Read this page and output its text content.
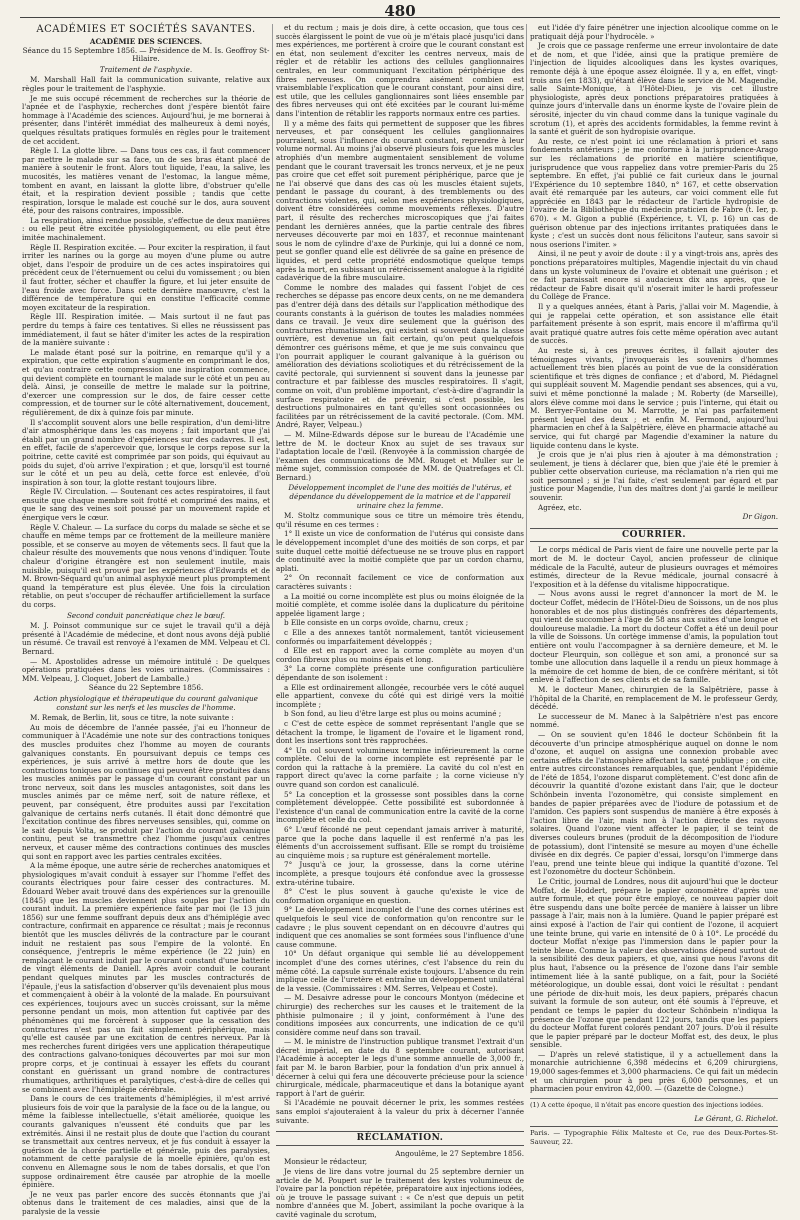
480
ACADÉMIES ET SOCIÉTÉS SAVANTES.
ACADÉMIE DES SCIENCES.
Séance du 15 Septembre 1856. — Présidence de M. Is. Geoffroy St-Hilaire.
Traitement de l'asphyxie.

M. Marshall Hall fait la communication suivante, relative aux règles pour le traitement de l'asphyxie.

Je me suis occupé récemment de recherches sur la théorie de l'apnée et de l'asphyxie, recherches dont j'espère bientôt faire hommage à l'Académie des sciences. Aujourd'hui, je me bornerai à présenter, dans l'intérêt immédiat des malheureux à demi noyés, quelques résultats pratiques formulés en règles pour le traitement de cet accident.

Règle I. La glotte libre. — Dans tous ces cas, il faut commencer par mettre le malade sur sa face, un de ses bras étant placé de manière à soutenir le front. Alors tout liquide, l'eau, la salive, les mucosités, les matières venant de l'estomac, la langue même, tombent en avant, en laissant la glotte libre, d'obstruer qu'elle était, et la respiration devient possible ; tandis que cette respiration, lorsque le malade est couché sur le dos, aura souvent été, pour des raisons contraires, impossible.

La respiration, ainsi rendue possible, s'effectue de deux manières : ou elle peut être excitée physiologiquement, ou elle peut être imitée machinalement.

Règle II. Respiration excitée. — Pour exciter la respiration, il faut irriter les narines ou la gorge au moyen d'une plume ou autre objet, dans l'espoir de produire un de ces actes inspiratoires qui précèdent ceux de l'éternuement ou celui du vomissement ; ou bien il faut frotter, sécher et chauffer la figure, et lui jeter ensuite de l'eau froide avec force. Dans cette dernière manœuvre, c'est la différence de température qui en constitue l'efficacité comme moyen excitateur de la respiration.

Règle III. Respiration imitée. — Mais surtout il ne faut pas perdre du temps à faire ces tentatives. Si elles ne réussissent pas immédiatement, il faut se hâter d'imiter les actes de la respiration de la manière suivante :

Le malade étant posé sur la poitrine, en remarque qu'il y a expiration, que cette expiration s'augmente en comprimant le dos, et qu'au contraire cette compression une inspiration commence, qui devient complète en tournant le malade sur le côté et un peu au delà. Ainsi, je conseille de mettre le malade sur la poitrine, d'exercer une compression sur le dos, de faire cesser cette compression, et de tourner sur le côté alternativement, doucement, régulièrement, de dix à quinze fois par minute.

Il s'accomplit souvent alors une belle respiration, d'un demi-litre d'air atmosphérique dans les cas moyens ; fait important que j'ai établi par un grand nombre d'expériences sur des cadavres. Il est, en effet, facile de s'apercevoir que, lorsque le corps repose sur la poitrine, cette cavité est comprimée par son poids, qui équivaut au poids du sujet, d'où arrive l'expiration ; et que, lorsqu'il est tourné sur le côté et un peu au delà, cette force est enlevée, d'où inspiration à son tour, la glotte restant toujours libre.

Règle IV. Circulation. — Soutenant ces actes respiratoires, il faut ensuite que chaque membre soit frotté et comprimé des mains, et que le sang des veines soit poussé par un mouvement rapide et énergique vers le cœur.

Règle V. Chaleur. — La surface du corps du malade se sèche et se chauffe en même temps par ce frottement de la meilleure manière possible, et se conserve au moyen de vêtements secs. Il faut que la chaleur résulte des mouvements que nous venons d'indiquer. Toute chaleur d'origine étrangère est non seulement inutile, mais nuisible, puisqu'il est prouvé par les expériences d'Edwards et de M. Brown-Séquard qu'un animal asphyxié meurt plus promptement quand la température est plus élevée. Une fois la circulation rétablie, on peut s'occuper de réchauffer artificiellement la surface du corps.

Second conduit pancréatique chez le bœuf.

M. J. Poinsot communique sur ce sujet le travail qu'il a déjà présenté à l'Académie de médecine, et dont nous avons déjà publié un résumé. Ce travail est renvoyé à l'examen de MM. Velpeau et Cl. Bernard.

— M. Apostolides adresse un mémoire intitulé : De quelques opérations pratiquées dans les voies urinaires. (Commissaires : MM. Velpeau, J. Cloquet, Jobert de Lamballe.)

Séance du 22 Septembre 1856.
Action physiologique et thérapeutique du courant galvanique constant sur les nerfs et les muscles de l'homme.

M. Remak, de Berlin, lit, sous ce titre, la note suivante :

Au mois de décembre de l'année passée, j'ai eu l'honneur de communiquer à l'Académie une note sur des contractions toniques des muscles produites chez l'homme au moyen de courants galvaniques constants. En poursuivant depuis ce temps ces expériences, je suis arrivé à mettre hors de doute que les contractions toniques ou continues qui peuvent être produites dans les muscles animés par le passage d'un courant constant par un tronc nerveux, soit dans les muscles antagonistes, soit dans les muscles animés par ce même nerf, soit de nature réflexe, et peuvent, par conséquent, être produites aussi par l'excitation galvanique de certains nerfs cutanés. Il était donc démontré que l'excitation continue des fibres nerveuses sensibles, qui, comme on le sait depuis Volta, se produit par l'action du courant galvanique continu, peut se transmettre chez l'homme jusqu'aux centres nerveux, et causer même des contractions continues des muscles qui sont en rapport avec les parties centrales excitées.

A la même époque, une autre série de recherches anatomiques et physiologiques m'avait conduit à essayer sur l'homme l'effet des courants électriques pour faire cesser des contractures. M. Édouard Weber avait trouvé dans des expériences sur la grenouille (1845) que les muscles deviennent plus souples par l'action du courant induit. La première expérience faite par moi (le 13 juin 1856) sur une femme souffrant depuis deux ans d'hémiplégie avec contracture, confirmait en apparence ce résultat ; mais je reconnus bientôt que les muscles délivrés de la contracture par le courant induit ne restaient pas sous l'empire de la volonté. En conséquence, j'entrepris le même expérience (le 22 juin) en remplaçant le courant induit par le courant constant d'une batterie de vingt éléments de Daniell. Après avoir conduit le courant pendant quelques minutes par les muscles contracturés de l'épaule, j'eus la satisfaction d'observer qu'ils devenaient plus mous et commençaient à obéir à la volonté de la malade. En poursuivant ces expériences, toujours avec un succès croissant, sur la même personne pendant un mois, mon attention fut captivée par des phénomènes qui me forcèrent à supposer que la cessation des contractures n'est pas un fait simplement périphérique, mais qu'elle est causée par une excitation de centres nerveux. Par là mes recherches furent dirigées vers une application thérapeutique des contractions galvano-toniques découvertes par moi sur mon propre corps, et je continuai à essayer les effets du courant constant en guérissant un grand nombre de contractures rhumatiques, arthritiques et paralytiques, c'est-à-dire de celles qui se combinent avec l'hémiplégie cérébrale.

Dans le cours de ces traitements d'hémiplégies, il m'est arrivé plusieurs fois de voir que la paralysie de la face ou de la langue, ou même la faiblesse intellectuelle, s'était améliorée, quoique les courants galvaniques n'eussent été conduits que par les extrémités. Ainsi il ne restait plus de doute que l'action du courant se transmettait aux centres nerveux, et je fus conduit à essayer la guérison de la chorée partielle et générale, puis des paralysies, notamment de cette paralysie de la moelle épinière, qu'on est convenu en Allemagne sous le nom de tabes dorsalis, et que l'on suppose ordinairement être causée par atrophie de la moelle épinière.

Je ne veux pas parler encore des succès étonnants que j'ai obtenus dans le traitement de ces maladies, ainsi que de la paralysie de la vessie

et du rectum ; mais je dois dire, à cette occasion, que tous ces succès élargissent le point de vue où je m'étais placé jusqu'ici dans mes expériences, me portèrent à croire que le courant constant est en état, non seulement d'exciter les centres nerveux, mais de régler et de rétablir les actions des cellules ganglionnaires centrales, en leur communiquant l'excitation périphérique des fibres nerveuses. On comprendra aisément combien est vraisemblable l'explication que le courant constant, pour ainsi dire, est utile, que les cellules ganglionnaires sont liées ensemble par des fibres nerveuses qui ont été excitées par le courant lui-même dans l'intention de rétablir les rapports normaux entre ces parties.

Il y a même des faits qui permettent de supposer que les fibres nerveuses, et par conséquent les cellules ganglionnaires pourraient, sous l'influence du courant constant, reprendre à leur volume normal. Au moins j'ai observé plusieurs fois que les muscles atrophiés d'un membre augmentaient sensiblement de volume pendant que le courant traversait les troncs nerveux, et je ne peux pas croire que cet effet soit purement périphérique, parce que je ne l'ai observé que dans des cas où les muscles étaient sujets, pendant le passage du courant, à des tremblements ou des contractions violentes, qui, selon mes expériences physiologiques, doivent être considérées comme mouvements réflexes. D'autre part, il résulte des recherches microscopiques que j'ai faites pendant les dernières années, que la partie centrale des fibres nerveuses découverte par moi en 1837, et reconnue maintenant sous le nom de cylindre d'axe de Purkinje, qui lui a donné ce nom, peut se gonfler quand elle est délivrée de sa gaîne en présence de liquides, et perd cette propriété endosmotique quelque temps après la mort, en subissant un rétrécissement analogue à la rigidité cadavérique de la fibre musculaire.

Comme le nombre des malades qui fassent l'objet de ces recherches se dépasse pas encore deux cents, on ne me demandera pas d'entrer déjà dans des détails sur l'application méthodique des courants constants à la guérison de toutes les maladies nommées dans ce travail. Je veux dire seulement que la guérison des contractures rhumatismales, qui existent si souvent dans la classe ouvrière, est devenue un fait certain, qu'on peut quelquefois démontrer ces guérisons même, et que je me suis convaincu que l'on pourrait appliquer le courant galvanique à la guérison ou amélioration des déviations scoliotiques et du rétrécissement de la cavité pectorale, qui surviennent si souvent dans la jeunesse par contracture et par faiblesse des muscles respiratoires. Il s'agit, comme on voit, d'un problème important, c'est-à-dire d'agrandir la surface respiratoire et de prévenir, si c'est possible, les destructions pulmonaires en tant qu'elles sont occasionnées ou facilitées par un rétrécissement de la cavité pectorale. (Com. MM. André, Rayer, Velpeau.)

— M. Milne-Edwards dépose sur le bureau de l'Académie une lettre de M. le docteur Knox au sujet de ses travaux sur l'adaptation locale de l'œil. (Renvoyée à la commission chargée de l'examen des communications de MM. Rouget et Muller sur le même sujet, commission composée de MM. de Quatrefages et Cl. Bernard.)

Développement incomplet de l'une des moitiés de l'utérus, et dépendance du développement de la matrice et de l'appareil urinaire chez la femme.

M. Stoltz communique sous ce titre un mémoire très étendu, qu'il résume en ces termes :

1° Il existe un vice de conformation de l'utérus qui consiste dans le développement incomplet d'une des moitiés de son corps, et par suite duquel cette moitié défectueuse ne se trouve plus en rapport de continuité avec la moitié complète que par un cordon charnu, aplati.

2° On reconnaît facilement ce vice de conformation aux caractères suivants :

a La moitié ou corne incomplète est plus ou moins éloignée de la moitié complète, et comme isolée dans la duplicature du péritoine appelée ligament large ;

b Elle consiste en un corps ovoïde, charnu, creux ;

c Elle a des annexes tantôt normalement, tantôt vicieusement conformés ou imparfaitement développés ;

d Elle est en rapport avec la corne complète au moyen d'un cordon fibreux plus ou moins épais et long.

3° La corne complète présente une configuration particulière dépendante de son isolement :

a Elle est ordinairement allongée, recourbée vers le côté auquel elle appartient, convexe du côté qui est dirigé vers la moitié incomplète ;

b Son fond, au lieu d'être large est plus ou moins acuminé ;

c C'est de cette espèce de sommet représentant l'angle que se détachent la trompe, le ligament de l'ovaire et le ligament rond, dont les insertions sont très rapprochées.

4° Un col souvent volumineux termine inférieurement la corne complète. Celui de la corne incomplète est représenté par le cordon qui la rattache à la première. La cavité du col n'est en rapport direct qu'avec la corne parfaite ; la corne vicieuse n'y ouvre quand son cordon est canaliculé.

5° La conception et la grossesse sont possibles dans la corne complètement développée. Cette possibilité est subordonnée à l'existence d'un canal de communication entre la cavité de la corne incomplète et celle du col.

6° L'œuf fécondé ne peut cependant jamais arriver à maturité, parce que la poche dans laquelle il est renfermé n'a pas les éléments d'un accroissement suffisant. Elle se rompt du troisième au cinquième mois ; sa rupture est généralement mortelle.

7° Jusqu'à ce jour, la grossesse, dans la corne utérine incomplète, a presque toujours été confondue avec la grossesse extra-utérine tubaire.

8° C'est le plus souvent à gauche qu'existe le vice de conformation organique en question.

9° Le développement incomplet de l'une des cornes utérines est quelquefois le seul vice de conformation qu'on rencontre sur le cadavre ; le plus souvent cependant on en découvre d'autres qui indiquent que ces anomalies se sont formées sous l'influence d'une cause commune.

10° Un défaut organique qui semble lié au développement incomplet d'une des cornes utérines, c'est l'absence du rein du même côté. La capsule surrénale existe toujours. L'absence du rein implique celle de l'uretère et entraîne un développement unilatéral de la vessie. (Commissaires : MM. Serres, Velpeau et Coste).

— M. Desaivre adresse pour le concours Montyon (médecine et chirurgie) des recherches sur les causes et le traitement de la phthisie pulmonaire ; il y joint, conformément à l'une des conditions imposées aux concurrents, une indication de ce qu'il considère comme neuf dans son travail.

— M. le ministre de l'instruction publique transmet l'extrait d'un décret impérial, en date du 8 septembre courant, autorisant l'Académie à accepter le legs d'une somme annuelle de 3,000 fr., fait par M. le baron Barbier, pour la fondation d'un prix annuel à décerner à celui qui fera une découverte précieuse pour la science chirurgicale, médicale, pharmaceutique et dans la botanique ayant rapport à l'art de guérir.

Si l'Académie ne pouvait décerner le prix, les sommes restées sans emploi s'ajouteraient à la valeur du prix à décerner l'année suivante.

RÉCLAMATION.
Angoulême, le 27 Septembre 1856.

Monsieur le rédacteur,

Je viens de lire dans votre journal du 25 septembre dernier un article de M. Poupert sur le traitement des kystes volumineux de l'ovaire par la ponction répétée, préparatoire aux injections iodées, où je trouve le passage suivant : « Ce n'est que depuis un petit nombre d'années que M. Jobert, assimilant la poche ovarique à la cavité vaginale du scrotum,

eut l'idée d'y faire pénétrer une injection alcoolique comme on le pratiquait déjà pour l'hydrocèle. »

Je crois que ce passage renferme une erreur involontaire de date et de nom, et que l'idée, ainsi que la pratique première de l'injection de liquides alcooliques dans les kystes ovariques, remonte déjà à une époque assez éloignée. Il y a, en effet, vingt-trois ans (en 1833), qu'étant élève dans le service de M. Magendie, salle Sainte-Monique, à l'Hôtel-Dieu, je vis cet illustre physiologiste, après deux ponctions préparatoires pratiquées à quinze jours d'intervalle dans un énorme kyste de l'ovaire plein de sérosité, injecter du vin chaud comme dans la tunique vaginale du scrotum (1), et après des accidents formidables, la femme revint à la santé et guérit de son hydropisie ovarique.

Au reste, ce n'est point ici une réclamation à priori et sans fondements antérieurs ; je me conforme à la jurisprudence-Arago sur les réclamations de priorité en matière scientifique, jurisprudence que vous rappeliez dans votre premier-Paris du 25 septembre. En effet, j'ai publié ce fait curieux dans le journal l'Expérience du 10 septembre 1840, n° 167, et cette observation avait été remarquée par les auteurs, car voici comment elle fut appréciée en 1843 par le rédacteur de l'article hydropisie de l'ovaire de la Bibliothèque du médecin praticien de Fabre (t. Ier, p. 670). « M. Gigon a publié (Expérience, t. VI, p. 16) un cas de guérison obtenue par des injections irritantes pratiquées dans le kyste ; c'est un succès dont nous félicitons l'auteur, sans savoir si nous oserions l'imiter. »

Ainsi, il ne peut y avoir de doute : il y a vingt-trois ans, après des ponctions préparatoires multiples, Magendie injectait du vin chaud dans un kyste volumineux de l'ovaire et obtenait une guérison ; et ce fait paraissait encore si audacieux dix ans après, que le rédacteur de Fabre disait qu'il n'oserait imiter le hardi professeur du Collège de France.

Il y a quelques années, étant à Paris, j'allai voir M. Magendie, à qui je rappelai cette opération, et son assistance elle était parfaitement présente à son esprit, mais encore il m'affirma qu'il avait pratiqué quatre autres fois cette même opération avec autant de succès.

Au reste si, à ces preuves écrites, il fallait ajouter des témoignages vivants, j'invoquerais les souvenirs d'hommes actuellement très bien placés au point de vue de la considération scientifique et très dignes de confiance ; et d'abord, M. Piédagnel qui suppléait souvent M. Magendie pendant ses absences, qui a vu, suivi et même ponctionné la malade ; M. Roberty (de Marseille), alors élève comme moi dans le service ; puis l'interne, qui était ou M. Berryer-Fontaine ou M. Marrotte, je n'ai pas parfaitement présent lequel des deux ; et enfin M. Fermond, aujourd'hui pharmacien en chef à la Salpêtrière, élève en pharmacie attaché au service, qui fut chargé par Magendie d'examiner la nature du liquide contenu dans le kyste.

Je crois que je n'ai plus rien à ajouter à ma démonstration ; seulement, je tiens à déclarer que, bien que j'aie été le premier à publier cette observation curieuse, ma réclamation n'a rien qui me soit personnel ; si je l'ai faite, c'est seulement par égard et par justice pour Magendie, l'un des maîtres dont j'ai gardé le meilleur souvenir.

Agréez, etc.

Dr Gigon.
COURRIER.

Le corps médical de Paris vient de faire une nouvelle perte par la mort de M. le docteur Cayol, ancien professeur de clinique médicale de la Faculté, auteur de plusieurs ouvrages et mémoires estimés, directeur de la Revue médicale, journal consacré à l'exposition et à la défense du vitalisme hippocratique.

— Nous avons aussi le regret d'annoncer la mort de M. le docteur Coffet, médecin de l'Hôtel-Dieu de Soissons, un de nos plus honorables et de nos plus distingués confrères des départements, qui vient de succomber à l'âge de 58 ans aux suites d'une longue et douloureuse maladie. La mort du docteur Coffet a été un deuil pour la ville de Soissons. Un cortège immense d'amis, la population tout entière ont voulu l'accompagner à sa dernière demeure, et M. le docteur Fleurquin, son collègue et son ami, a prononcé sur sa tombe une allocution dans laquelle il a rendu un pieux hommage à la mémoire de cet homme de bien, de ce confrère méritant, si tôt enlevé à l'affection de ses clients et de sa famille.

M. le docteur Manec, chirurgien de la Salpêtrière, passe à l'hôpital de la Charité, en remplacement de M. le professeur Gerdy, décédé.

Le successeur de M. Manec à la Salpêtrière n'est pas encore nommé.

— On se souvient qu'en 1846 le docteur Schönbein fit la découverte d'un principe atmosphérique auquel on donne le nom d'ozone, et auquel on assigna une connexion probable avec certains effets de l'atmosphère affectant la santé publique ; on cite, entre autres circonstances remarquables, que, pendant l'épidémie de l'été de 1854, l'ozone disparut complètement. C'est donc afin de découvrir la quantité d'ozone existant dans l'air, que le docteur Schönbein inventa l'ozonomètre, qui consiste simplement en bandes de papier préparées avec de l'iodure de potassium et de l'amidon. Ces papiers sont suspendus de manière à être exposés à l'action libre de l'air, mais non à l'action directe des rayons solaires. Quand l'ozone vient affecter le papier, il se teint de diverses couleurs brunes (produit de la décomposition de l'iodure de potassium), dont l'intensité se mesure au moyen d'une échelle divisée en dix degrés. Ce papier d'essai, lorsqu'on l'immerge dans l'eau, prend une teinte bleue qui indique la quantité d'ozone. Tel est l'ozonomètre du docteur Schönbein.

Le Critic, journal de Londres, nous dit aujourd'hui que le docteur Moffat, de Hoddert, prépare le papier ozonomètre d'après une autre formule, et que pour être employé, ce nouveau papier doit être suspendu dans une boîte percée de manière à laisser un libre passage à l'air, mais non à la lumière. Quand le papier préparé est ainsi exposé à l'action de l'air qui contient de l'ozone, il acquiert une teinte brune, qui varie en intensité de 0 à 10°. Le procédé du docteur Moffat n'exige pas l'immersion dans le papier pour la teinte bleue. Comme la valeur des observations dépend surtout de la sensibilité des deux papiers, et que, ainsi que nous l'avons dit plus haut, l'absence ou la présence de l'ozone dans l'air semble intimement liée à la santé publique, on a fait, pour la Société météorologique, un double essai, dont voici le résultat : pendant une période de dix-huit mois, les deux papiers, préparés chacun suivant la formule de son auteur, ont été soumis à l'épreuve, et pendant ce temps le papier du docteur Schönbein n'indiqua la présence de l'ozone que pendant 122 jours, tandis que les papiers du docteur Moffat furent colorés pendant 207 jours. D'où il résulte que le papier préparé par le docteur Moffat est, des deux, le plus sensible.

— D'après un relevé statistique, il y a actuellement dans la monarchie autrichienne 6,398 médecins et 6,209 chirurgiens, 19,000 sages-femmes et 3,000 pharmaciens. Ce qui fait un médecin et un chirurgien pour à peu près 6,000 personnes, et un pharmacien pour environ 42,000. — (Gazette de Cologne.)

(1) A cette époque, il n'était pas encore question des injections iodées.
Le Gérant, G. Richelot.
Paris. — Typographie Félix Malteste et Ce, rue des Deux-Portes-St-Sauveur, 22.
